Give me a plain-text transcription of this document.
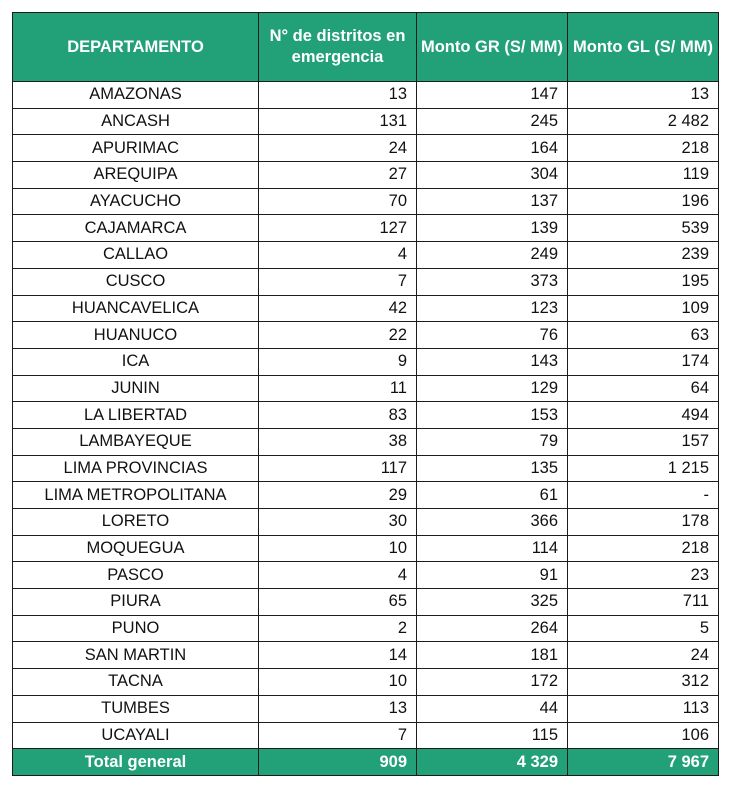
DEPARTAMENTO	N° de distritos en emergencia	Monto GR (S/ MM)	Monto GL (S/ MM)
AMAZONAS	13	147	13
ANCASH	131	245	2 482
APURIMAC	24	164	218
AREQUIPA	27	304	119
AYACUCHO	70	137	196
CAJAMARCA	127	139	539
CALLAO	4	249	239
CUSCO	7	373	195
HUANCAVELICA	42	123	109
HUANUCO	22	76	63
ICA	9	143	174
JUNIN	11	129	64
LA LIBERTAD	83	153	494
LAMBAYEQUE	38	79	157
LIMA PROVINCIAS	117	135	1 215
LIMA METROPOLITANA	29	61	-
LORETO	30	366	178
MOQUEGUA	10	114	218
PASCO	4	91	23
PIURA	65	325	711
PUNO	2	264	5
SAN MARTIN	14	181	24
TACNA	10	172	312
TUMBES	13	44	113
UCAYALI	7	115	106
Total general	909	4 329	7 967
